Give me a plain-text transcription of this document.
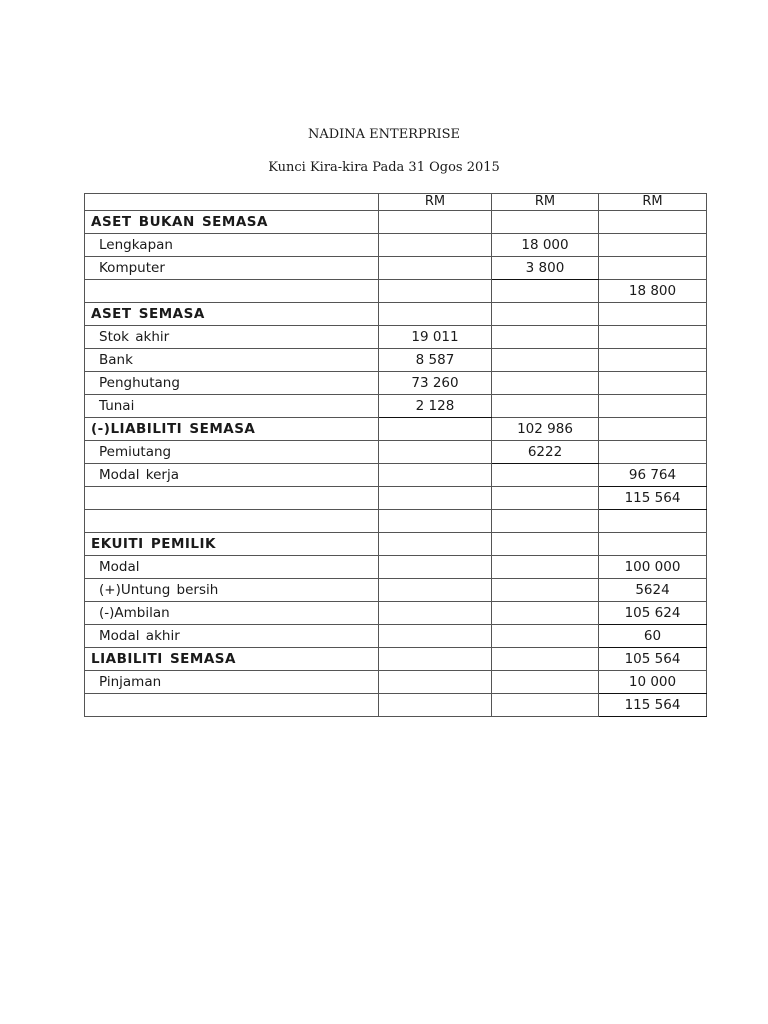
NADINA ENTERPRISE
Kunci Kira-kira Pada 31 Ogos 2015
	RM	RM	RM
ASET BUKAN SEMASA			
Lengkapan		18 000	
Komputer		3 800	
			18 800
ASET SEMASA			
Stok akhir	19 011		
Bank	8 587		
Penghutang	73 260		
Tunai	2 128		
(-)LIABILITI SEMASA		102 986	
Pemiutang		6222	
Modal kerja			96 764
			115 564

EKUITI PEMILIK			
Modal			100 000
(+)Untung bersih			5624
(-)Ambilan			105 624
Modal akhir			60
LIABILITI SEMASA			105 564
Pinjaman			10 000
			115 564
